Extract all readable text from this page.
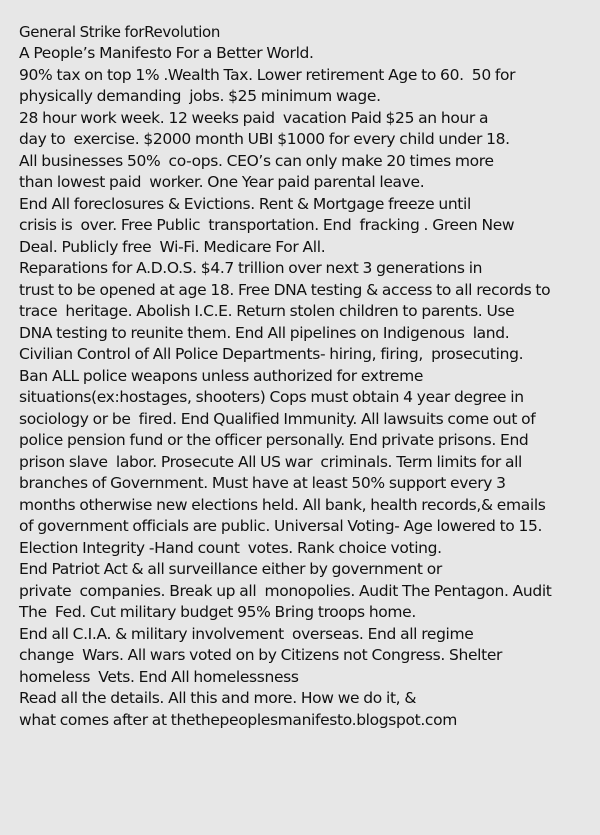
General Strike forRevolution
A People’s Manifesto For a Better World.
90% tax on top 1% .Wealth Tax. Lower retirement Age to 60.  50 for
physically demanding  jobs. $25 minimum wage.
28 hour work week. 12 weeks paid  vacation Paid $25 an hour a
day to  exercise. $2000 month UBI $1000 for every child under 18.
All businesses 50%  co-ops. CEO’s can only make 20 times more
than lowest paid  worker. One Year paid parental leave.
End All foreclosures & Evictions. Rent & Mortgage freeze until
crisis is  over. Free Public  transportation. End  fracking . Green New
Deal. Publicly free  Wi-Fi. Medicare For All.
Reparations for A.D.O.S. $4.7 trillion over next 3 generations in
trust to be opened at age 18. Free DNA testing & access to all records to
trace  heritage. Abolish I.C.E. Return stolen children to parents. Use
DNA testing to reunite them. End All pipelines on Indigenous  land.
Civilian Control of All Police Departments- hiring, firing,  prosecuting.
Ban ALL police weapons unless authorized for extreme
situations(ex:hostages, shooters) Cops must obtain 4 year degree in
sociology or be  fired. End Qualified Immunity. All lawsuits come out of
police pension fund or the officer personally. End private prisons. End
prison slave  labor. Prosecute All US war  criminals. Term limits for all
branches of Government. Must have at least 50% support every 3
months otherwise new elections held. All bank, health records,& emails
of government officials are public. Universal Voting- Age lowered to 15.
Election Integrity -Hand count  votes. Rank choice voting.
End Patriot Act & all surveillance either by government or
private  companies. Break up all  monopolies. Audit The Pentagon. Audit
The  Fed. Cut military budget 95% Bring troops home.
End all C.I.A. & military involvement  overseas. End all regime
change  Wars. All wars voted on by Citizens not Congress. Shelter
homeless  Vets. End All homelessness
Read all the details. All this and more. How we do it, &
what comes after at thethepeoplesmanifesto.blogspot.com
